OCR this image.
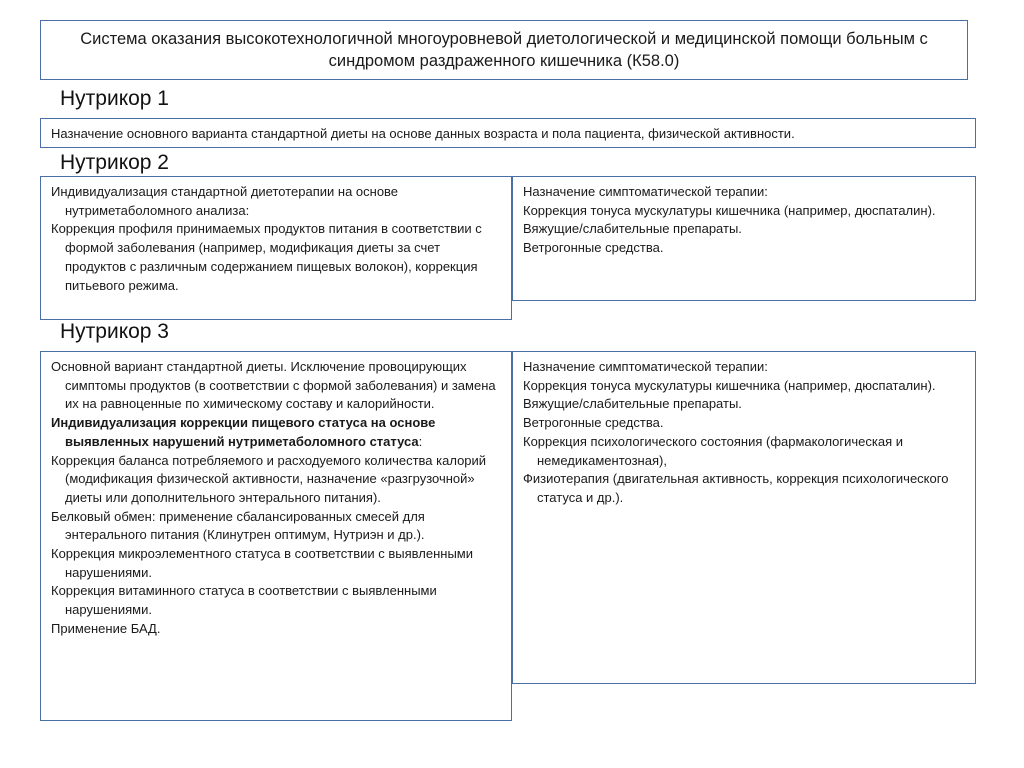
Система оказания высокотехнологичной многоуровневой диетологической и медицинской помощи больным с синдромом раздраженного кишечника (К58.0)
Нутрикор 1
Назначение основного варианта стандартной диеты на основе данных возраста и пола пациента, физической активности.
Нутрикор 2

Индивидуализация стандартной диетотерапии на основе нутриметаболомного анализа:

Коррекция профиля принимаемых продуктов питания в соответствии с формой заболевания (например, модификация диеты за счет продуктов с различным содержанием пищевых волокон), коррекция питьевого режима.

Назначение симптоматической терапии:

Коррекция тонуса мускулатуры кишечника (например, дюспаталин).

Вяжущие/слабительные препараты.

Ветрогонные средства.

Нутрикор 3

Основной вариант стандартной диеты. Исключение провоцирующих симптомы продуктов (в соответствии с формой заболевания) и замена их на равноценные по химическому составу и калорийности.

Индивидуализация коррекции пищевого статуса на основе выявленных нарушений нутриметаболомного статуса:

Коррекция баланса потребляемого и расходуемого количества калорий (модификация физической активности, назначение «разгрузочной» диеты или дополнительного энтерального питания).

Белковый обмен: применение сбалансированных смесей для энтерального питания (Клинутрен оптимум, Нутриэн и др.).

Коррекция микроэлементного статуса в соответствии с выявленными нарушениями.

Коррекция витаминного статуса в соответствии с выявленными нарушениями.

Применение БАД.

Назначение симптоматической терапии:

Коррекция тонуса мускулатуры кишечника (например, дюспаталин).

Вяжущие/слабительные препараты.

Ветрогонные средства.

Коррекция психологического состояния (фармакологическая и немедикаментозная),

Физиотерапия (двигательная активность, коррекция психологического статуса и др.).
